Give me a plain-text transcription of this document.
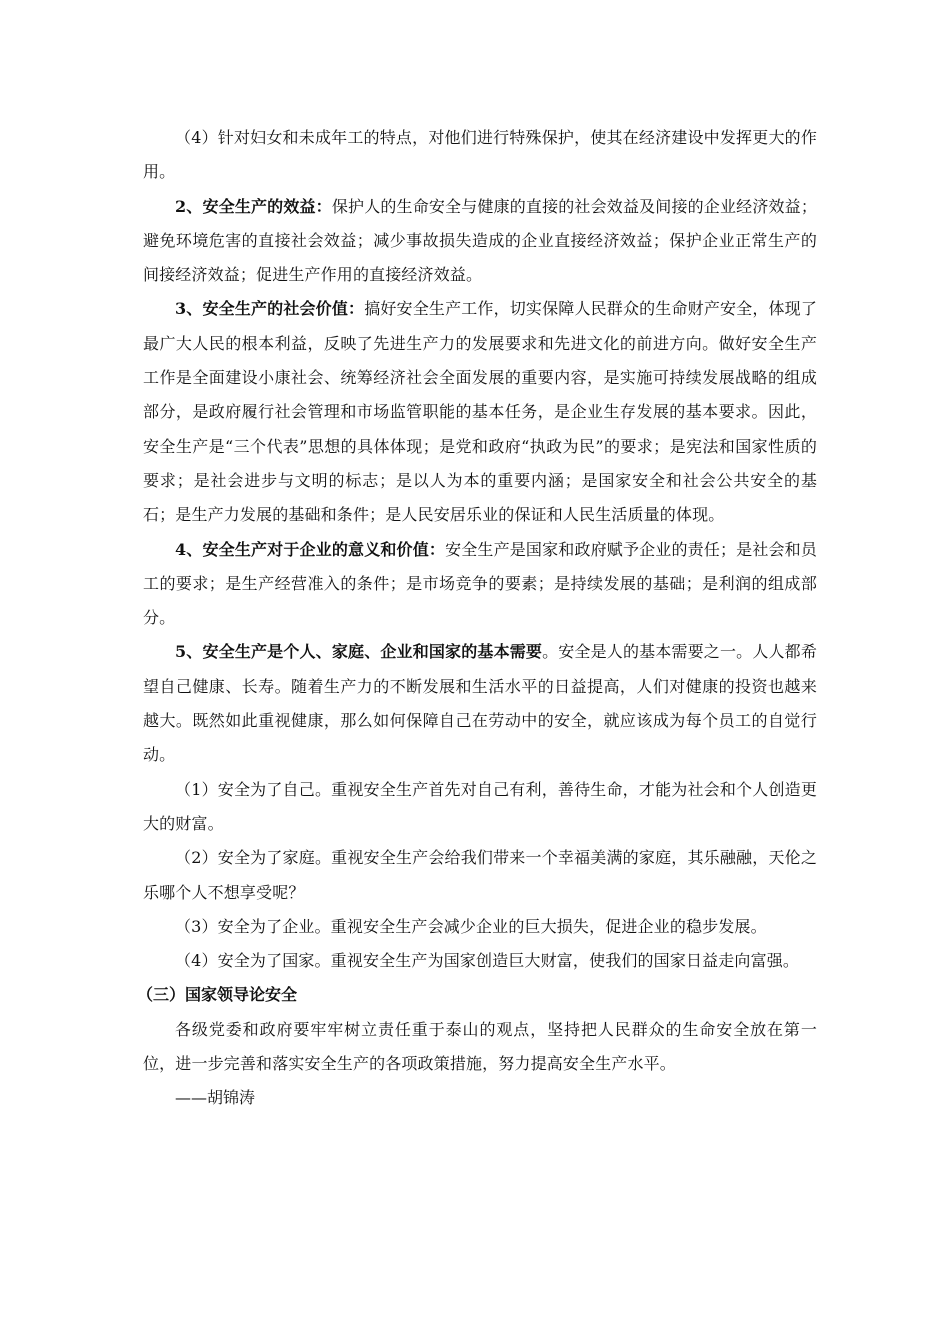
（4）针对妇女和未成年工的特点，对他们进行特殊保护，使其在经济建设中发挥更大的作用。

2、安全生产的效益：保护人的生命安全与健康的直接的社会效益及间接的企业经济效益；避免环境危害的直接社会效益；减少事故损失造成的企业直接经济效益；保护企业正常生产的间接经济效益；促进生产作用的直接经济效益。

3、安全生产的社会价值：搞好安全生产工作，切实保障人民群众的生命财产安全，体现了最广大人民的根本利益，反映了先进生产力的发展要求和先进文化的前进方向。做好安全生产工作是全面建设小康社会、统筹经济社会全面发展的重要内容，是实施可持续发展战略的组成部分，是政府履行社会管理和市场监管职能的基本任务，是企业生存发展的基本要求。因此，安全生产是“三个代表”思想的具体体现；是党和政府“执政为民”的要求；是宪法和国家性质的要求；是社会进步与文明的标志；是以人为本的重要内涵；是国家安全和社会公共安全的基石；是生产力发展的基础和条件；是人民安居乐业的保证和人民生活质量的体现。

4、安全生产对于企业的意义和价值：安全生产是国家和政府赋予企业的责任；是社会和员工的要求；是生产经营准入的条件；是市场竞争的要素；是持续发展的基础；是利润的组成部分。

5、安全生产是个人、家庭、企业和国家的基本需要。安全是人的基本需要之一。人人都希望自己健康、长寿。随着生产力的不断发展和生活水平的日益提高，人们对健康的投资也越来越大。既然如此重视健康，那么如何保障自己在劳动中的安全，就应该成为每个员工的自觉行动。

（1）安全为了自己。重视安全生产首先对自己有利，善待生命，才能为社会和个人创造更大的财富。

（2）安全为了家庭。重视安全生产会给我们带来一个幸福美满的家庭，其乐融融，天伦之乐哪个人不想享受呢？

（3）安全为了企业。重视安全生产会减少企业的巨大损失，促进企业的稳步发展。

（4）安全为了国家。重视安全生产为国家创造巨大财富，使我们的国家日益走向富强。

（三）国家领导论安全

各级党委和政府要牢牢树立责任重于泰山的观点，坚持把人民群众的生命安全放在第一位，进一步完善和落实安全生产的各项政策措施，努力提高安全生产水平。

——胡锦涛
